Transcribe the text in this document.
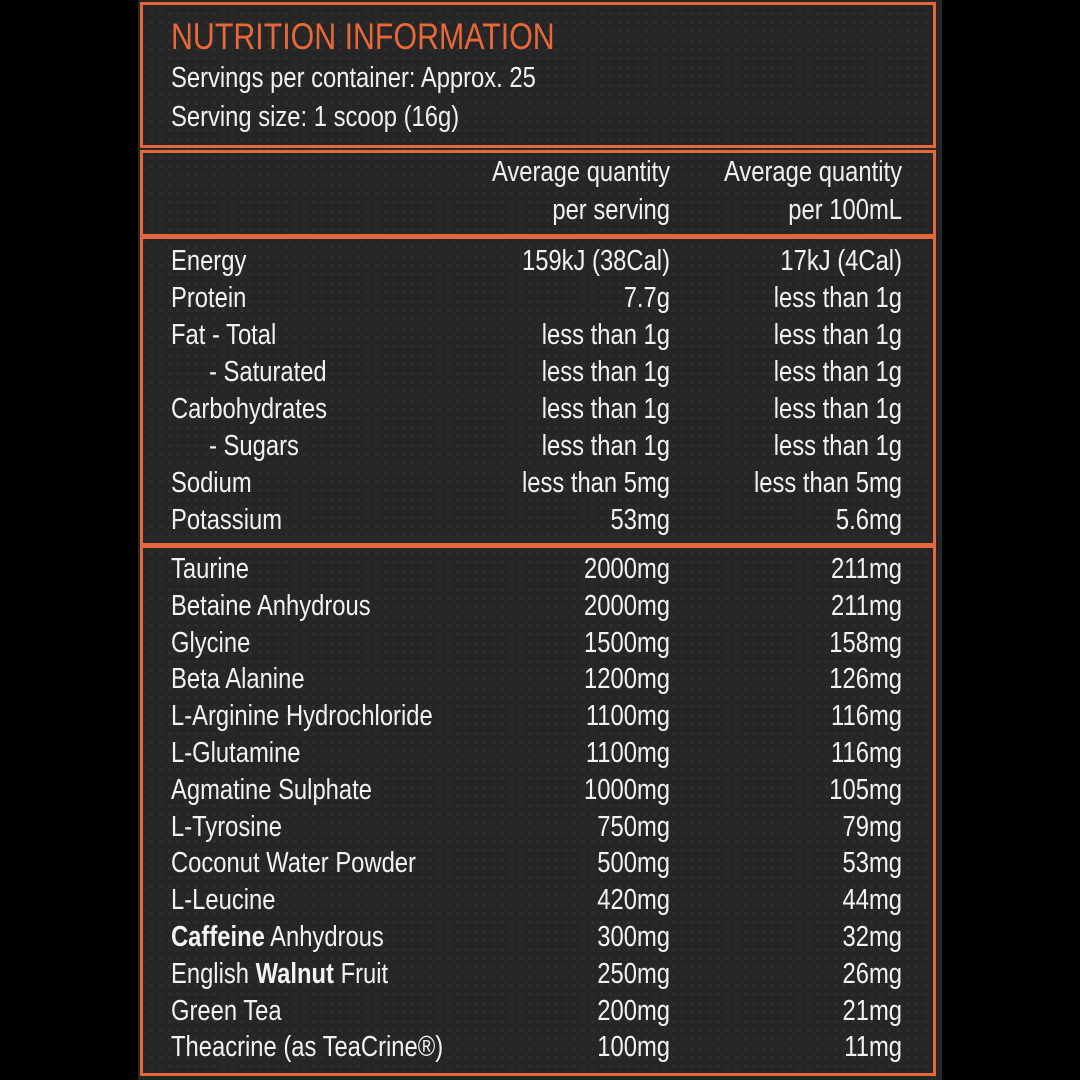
NUTRITION INFORMATION
Servings per container: Approx. 25
Serving size: 1 scoop (16g)
Average quantity
per serving
Average quantity
per 100mL
Energy	159kJ (38Cal)	17kJ (4Cal)
Protein	7.7g	less than 1g
Fat - Total	less than 1g	less than 1g
- Saturated	less than 1g	less than 1g
Carbohydrates	less than 1g	less than 1g
- Sugars	less than 1g	less than 1g
Sodium	less than 5mg	less than 5mg
Potassium	53mg	5.6mg
Taurine	2000mg	211mg
Betaine Anhydrous	2000mg	211mg
Glycine	1500mg	158mg
Beta Alanine	1200mg	126mg
L-Arginine Hydrochloride	1100mg	116mg
L-Glutamine	1100mg	116mg
Agmatine Sulphate	1000mg	105mg
L-Tyrosine	750mg	79mg
Coconut Water Powder	500mg	53mg
L-Leucine	420mg	44mg
Caffeine Anhydrous	300mg	32mg
English Walnut Fruit	250mg	26mg
Green Tea	200mg	21mg
Theacrine (as TeaCrine®)	100mg	11mg
